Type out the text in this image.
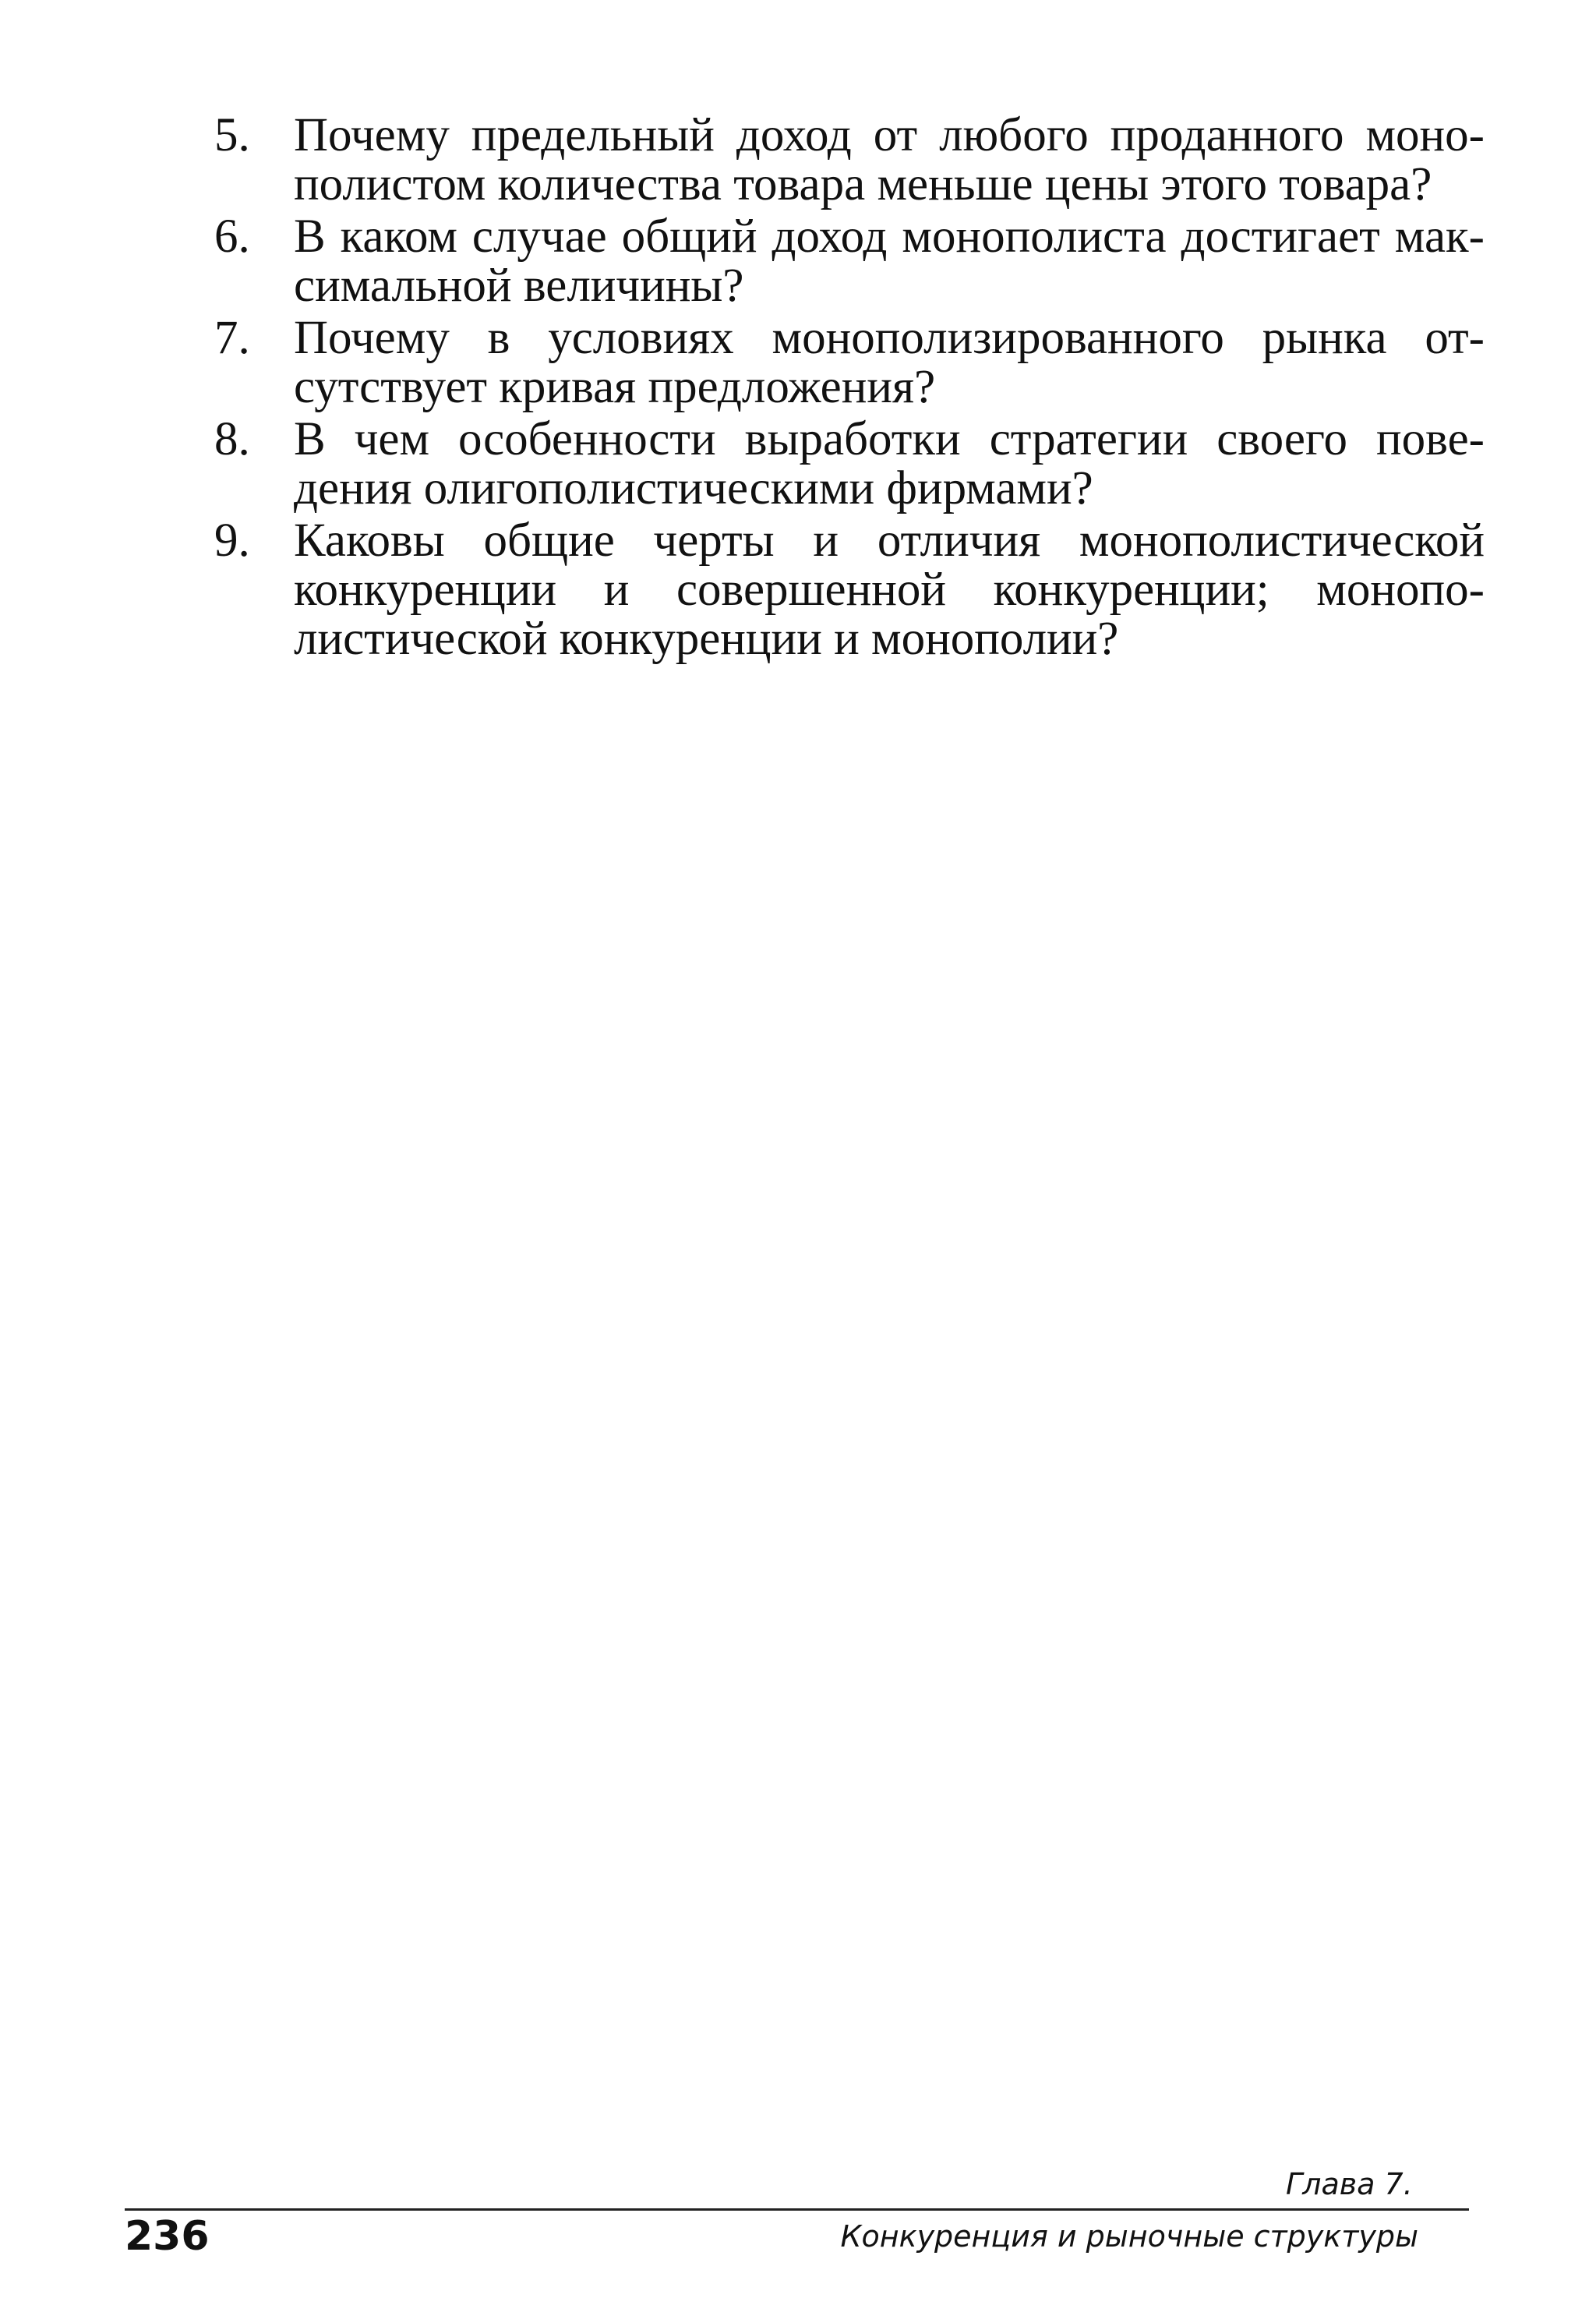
5. Почему предельный доход от любого проданного моно-
полистом количества товара меньше цены этого товара?
6. В каком случае общий доход монополиста достигает мак-
симальной величины?
7. Почему в условиях монополизированного рынка от-
сутствует кривая предложения?
8. В чем особенности выработки стратегии своего пове-
дения олигополистическими фирмами?
9. Каковы общие черты и отличия монополистической
конкуренции и совершенной конкуренции; монопо-
листической конкуренции и монополии?
Глава 7.
236	Конкуренция и рыночные структуры
